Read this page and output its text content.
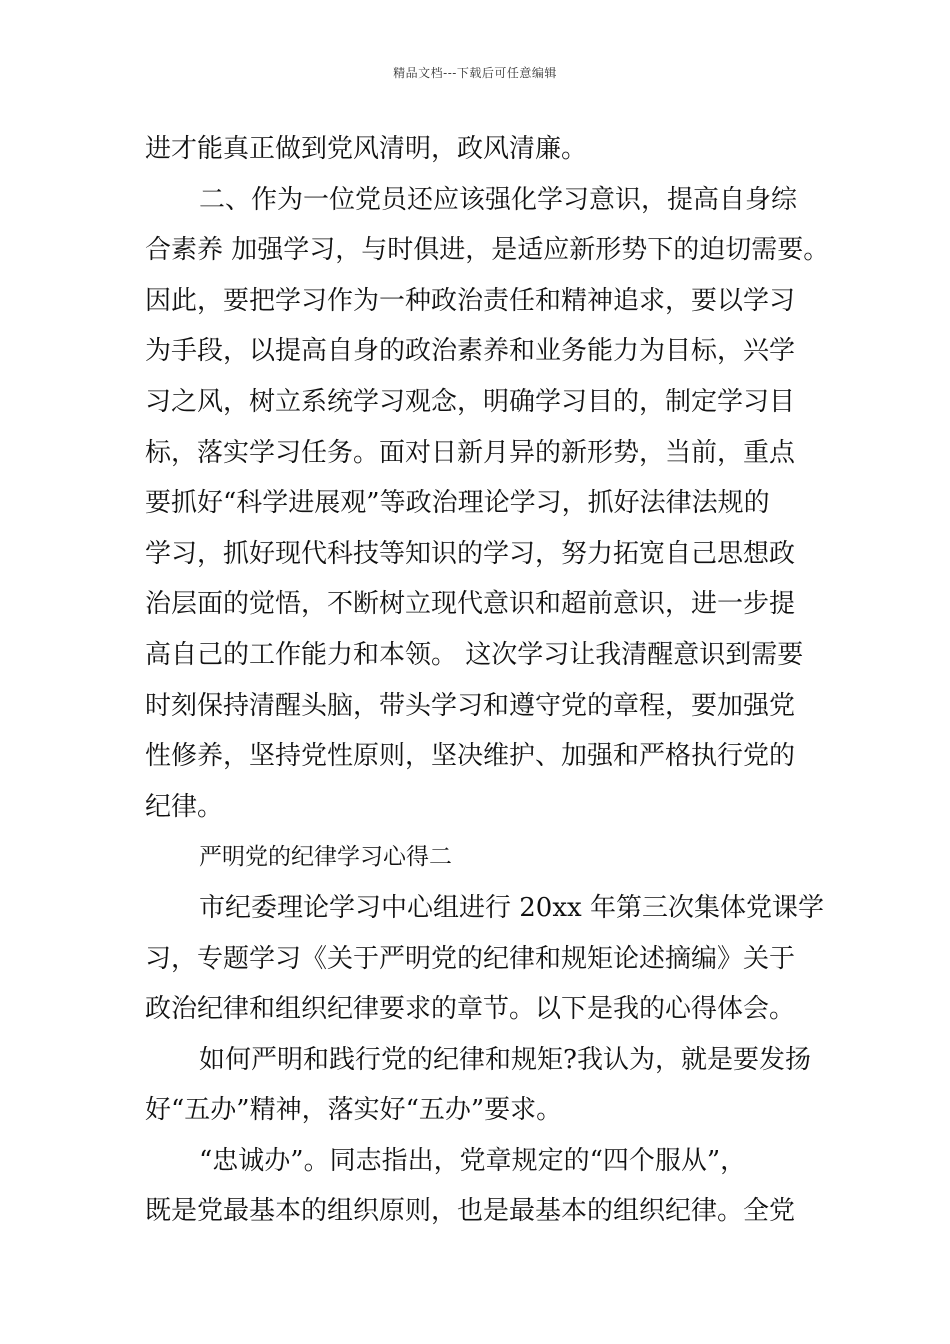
精品文档---下载后可任意编辑
进才能真正做到党风清明，政风清廉。
二、作为一位党员还应该强化学习意识，提高自身综
合素养 加强学习，与时俱进，是适应新形势下的迫切需要。
因此，要把学习作为一种政治责任和精神追求，要以学习
为手段，以提高自身的政治素养和业务能力为目标，兴学
习之风，树立系统学习观念，明确学习目的，制定学习目
标，落实学习任务。面对日新月异的新形势，当前，重点
要抓好“科学进展观”等政治理论学习，抓好法律法规的
学习，抓好现代科技等知识的学习，努力拓宽自己思想政
治层面的觉悟，不断树立现代意识和超前意识，进一步提
高自己的工作能力和本领。 这次学习让我清醒意识到需要
时刻保持清醒头脑，带头学习和遵守党的章程，要加强党
性修养，坚持党性原则，坚决维护、加强和严格执行党的
纪律。
严明党的纪律学习心得二
市纪委理论学习中心组进行 20xx 年第三次集体党课学
习，专题学习《关于严明党的纪律和规矩论述摘编》关于
政治纪律和组织纪律要求的章节。以下是我的心得体会。
如何严明和践行党的纪律和规矩?我认为，就是要发扬
好“五办”精神，落实好“五办”要求。
“忠诚办”。同志指出，党章规定的“四个服从”，
既是党最基本的组织原则，也是最基本的组织纪律。全党
